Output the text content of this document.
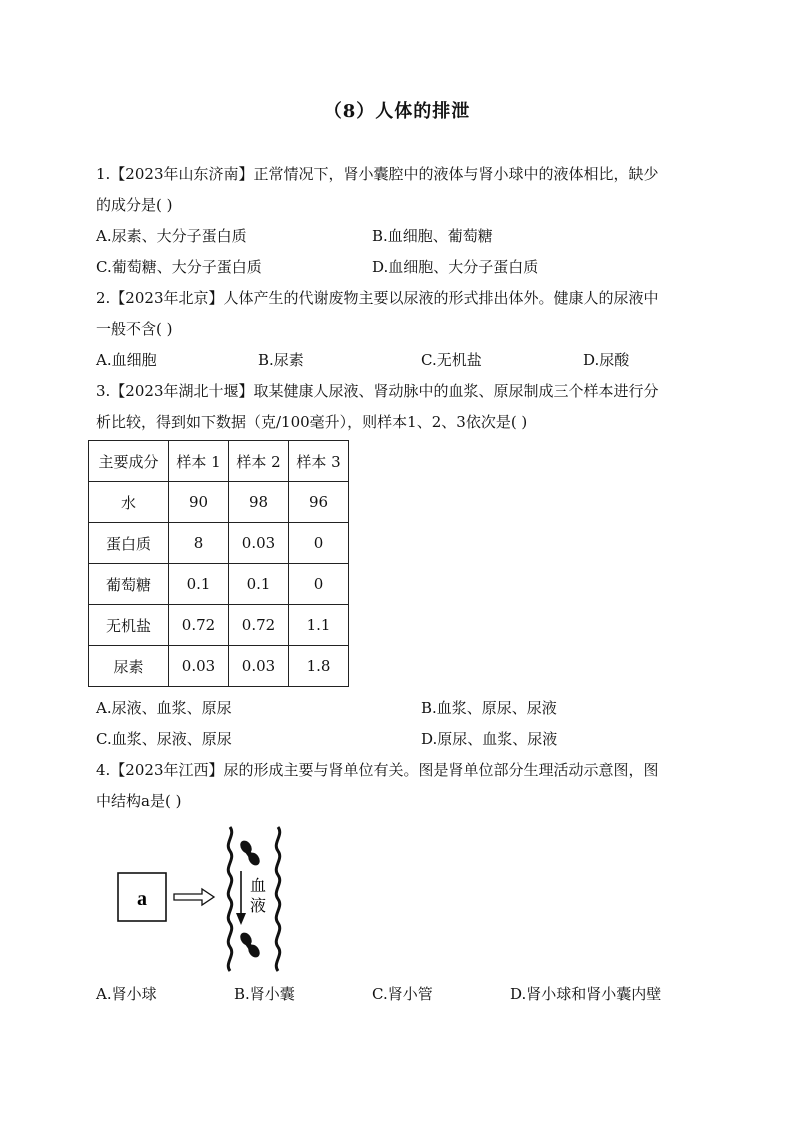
（8）人体的排泄
1.【2023年山东济南】正常情况下，肾小囊腔中的液体与肾小球中的液体相比，缺少
的成分是( )
A.尿素、大分子蛋白质	B.血细胞、葡萄糖
C.葡萄糖、大分子蛋白质	D.血细胞、大分子蛋白质
2.【2023年北京】人体产生的代谢废物主要以尿液的形式排出体外。健康人的尿液中
一般不含( )
A.血细胞	B.尿素	C.无机盐	D.尿酸
3.【2023年湖北十堰】取某健康人尿液、肾动脉中的血浆、原尿制成三个样本进行分
析比较，得到如下数据（克/100毫升），则样本1、2、3依次是( )
主要成分	样本 1	样本 2	样本 3
水	90	98	96
蛋白质	8	0.03	0
葡萄糖	0.1	0.1	0
无机盐	0.72	0.72	1.1
尿素	0.03	0.03	1.8
A.尿液、血浆、原尿	B.血浆、原尿、尿液
C.血浆、尿液、原尿	D.原尿、血浆、尿液
4.【2023年江西】尿的形成主要与肾单位有关。图是肾单位部分生理活动示意图，图
中结构a是( )
a
血
液
A.肾小球	B.肾小囊	C.肾小管	D.肾小球和肾小囊内壁
